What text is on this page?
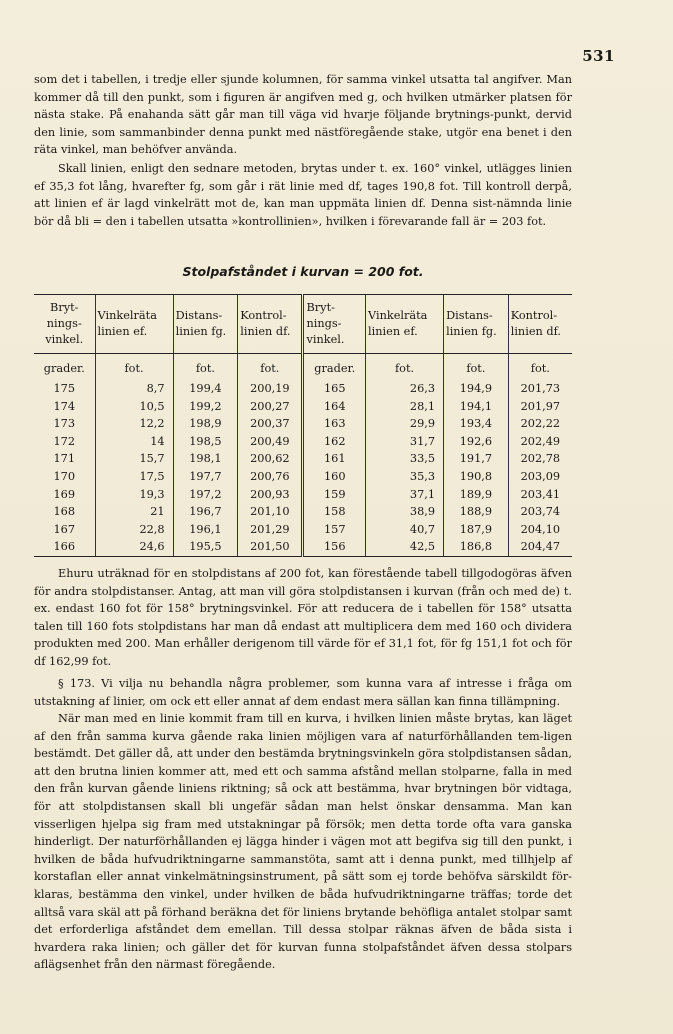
531

som det i tabellen, i tredje eller sjunde kolumnen, för samma vinkel utsatta tal angifver. Man kommer då till den punkt, som i figuren är angifven med g, och hvilken utmärker platsen för nästa stake. På enahanda sätt går man till väga vid hvarje följande brytnings-punkt, dervid den linie, som sammanbinder denna punkt med nästföregående stake, utgör ena benet i den räta vinkel, man behöfver använda.

Skall linien, enligt den sednare metoden, brytas under t. ex. 160° vinkel, utlägges linien ef 35,3 fot lång, hvarefter fg, som går i rät linie med df, tages 190,8 fot. Till kontroll derpå, att linien ef är lagd vinkelrätt mot de, kan man uppmäta linien df. Denna sist-nämnda linie bör då bli = den i tabellen utsatta »kontrollinien», hvilken i förevarande fall är = 203 fot.

Stolpafståndet i kurvan = 200 fot.
Bryt-nings-vinkel.	Vinkelräta linien ef.	Distans-linien fg.	Kontrol-linien df.	Bryt-nings-vinkel.	Vinkelräta linien ef.	Distans-linien fg.	Kontrol-linien df.
grader.	fot.	fot.	fot.	grader.	fot.	fot.	fot.
175	8,7	199,4	200,19	165	26,3	194,9	201,73
174	10,5	199,2	200,27	164	28,1	194,1	201,97
173	12,2	198,9	200,37	163	29,9	193,4	202,22
172	14	198,5	200,49	162	31,7	192,6	202,49
171	15,7	198,1	200,62	161	33,5	191,7	202,78
170	17,5	197,7	200,76	160	35,3	190,8	203,09
169	19,3	197,2	200,93	159	37,1	189,9	203,41
168	21	196,7	201,10	158	38,9	188,9	203,74
167	22,8	196,1	201,29	157	40,7	187,9	204,10
166	24,6	195,5	201,50	156	42,5	186,8	204,47

Ehuru uträknad för en stolpdistans af 200 fot, kan förestående tabell tillgodogöras äfven för andra stolpdistanser. Antag, att man vill göra stolpdistansen i kurvan (från och med de) t. ex. endast 160 fot för 158° brytningsvinkel. För att reducera de i tabellen för 158° utsatta talen till 160 fots stolpdistans har man då endast att multiplicera dem med 160 och dividera produkten med 200. Man erhåller derigenom till värde för ef 31,1 fot, för fg 151,1 fot och för df 162,99 fot.

§ 173. Vi vilja nu behandla några problemer, som kunna vara af intresse i fråga om utstakning af linier, om ock ett eller annat af dem endast mera sällan kan finna tillämpning.

När man med en linie kommit fram till en kurva, i hvilken linien måste brytas, kan läget af den från samma kurva gående raka linien möjligen vara af naturförhållanden tem-ligen bestämdt. Det gäller då, att under den bestämda brytningsvinkeln göra stolpdistansen sådan, att den brutna linien kommer att, med ett och samma afstånd mellan stolparne, falla in med den från kurvan gående liniens riktning; så ock att bestämma, hvar brytningen bör vidtaga, för att stolpdistansen skall bli ungefär sådan man helst önskar densamma. Man kan visserligen hjelpa sig fram med utstakningar på försök; men detta torde ofta vara ganska hinderligt. Der naturförhållanden ej lägga hinder i vägen mot att begifva sig till den punkt, i hvilken de båda hufvudriktningarne sammanstöta, samt att i denna punkt, med tillhjelp af korstaflan eller annat vinkelmätningsinstrument, på sätt som ej torde behöfva särskildt för-klaras, bestämma den vinkel, under hvilken de båda hufvudriktningarne träffas; torde det alltså vara skäl att på förhand beräkna det för liniens brytande behöfliga antalet stolpar samt det erforderliga afståndet dem emellan. Till dessa stolpar räknas äfven de båda sista i hvardera raka linien; och gäller det för kurvan funna stolpafståndet äfven dessa stolpars aflägsenhet från den närmast föregående.
